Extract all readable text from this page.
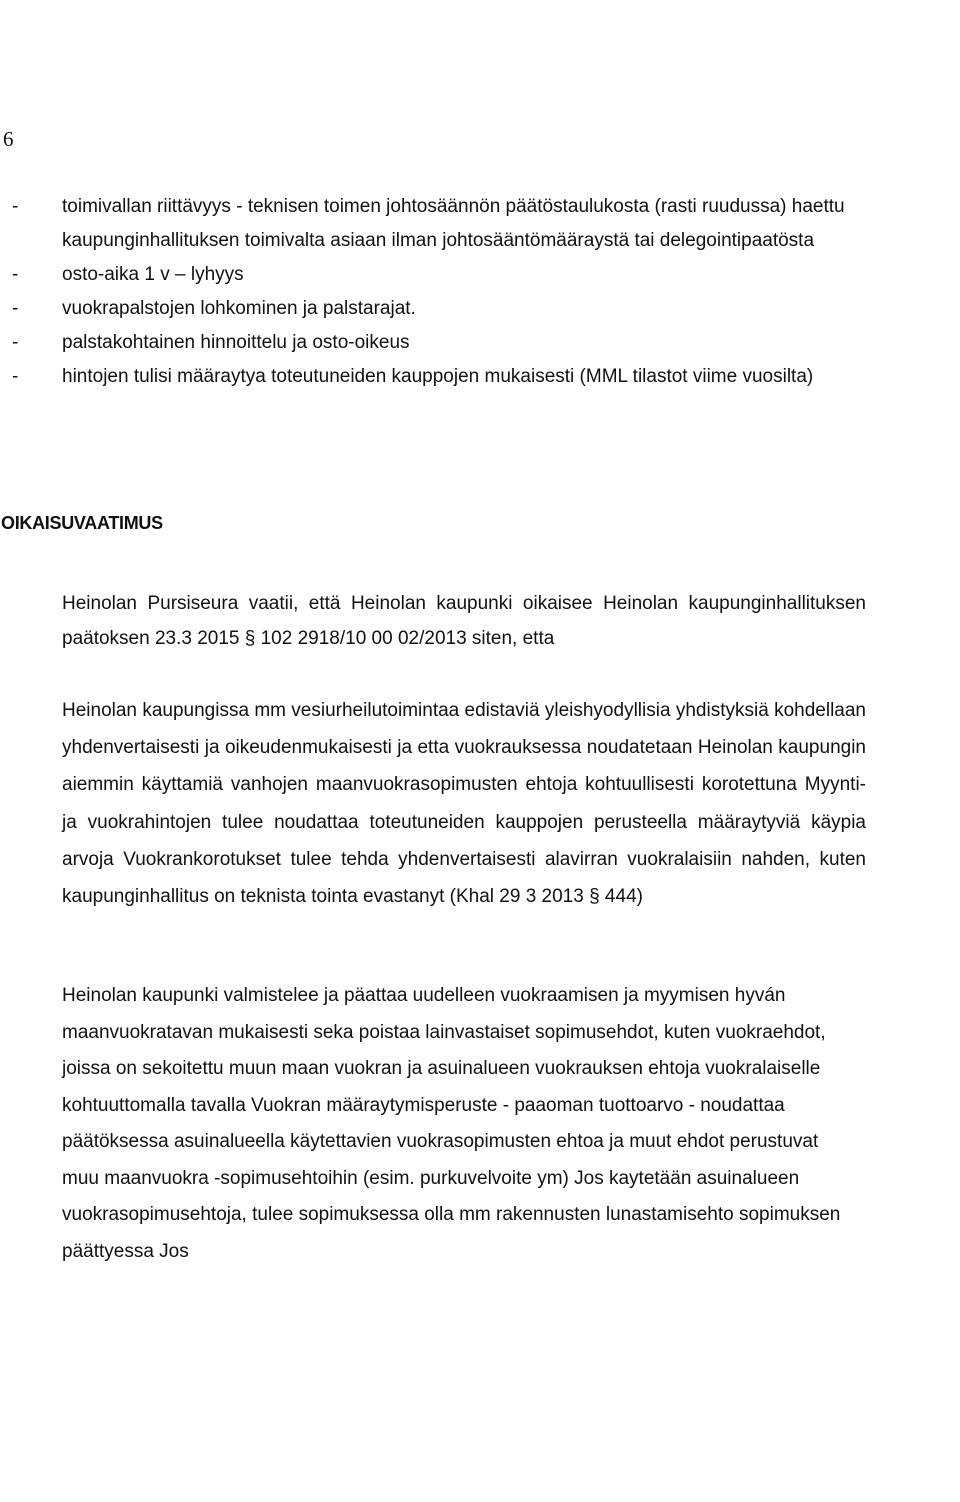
6
- toimivallan riittävyys - teknisen toimen johtosäännön päätöstaulukosta (rasti ruudussa) haettu kaupunginhallituksen toimivalta asiaan ilman johtosääntömääraystä tai delegointipaatösta
- osto-aika 1 v – lyhyys
- vuokrapalstojen lohkominen ja palstarajat.
- palstakohtainen hinnoittelu ja osto-oikeus
- hintojen tulisi määraytya toteutuneiden kauppojen mukaisesti (MML tilastot viime vuosilta)
OIKAISUVAATIMUS

Heinolan Pursiseura vaatii, että Heinolan kaupunki oikaisee Heinolan kaupunginhallituksen paätoksen 23.3 2015 § 102 2918/10 00 02/2013 siten, etta

Heinolan kaupungissa mm vesiurheilutoimintaa edistaviä yleishyodyllisia yhdistyksiä kohdellaan yhdenvertaisesti ja oikeudenmukaisesti ja etta vuokrauksessa noudatetaan Heinolan kaupungin aiemmin käyttamiä vanhojen maanvuokrasopimusten ehtoja kohtuullisesti korotettuna Myynti- ja vuokrahintojen tulee noudattaa toteutuneiden kauppojen perusteella määraytyviä käypia arvoja Vuokrankorotukset tulee tehda yhdenvertaisesti alavirran vuokralaisiin nahden, kuten kaupunginhallitus on teknista tointa evastanyt (Khal 29 3 2013 § 444)

Heinolan kaupunki valmistelee ja päattaa uudelleen vuokraamisen ja myymisen hyván maanvuokratavan mukaisesti seka poistaa lainvastaiset sopimusehdot, kuten vuokraehdot, joissa on sekoitettu muun maan vuokran ja asuinalueen vuokrauksen ehtoja vuokralaiselle kohtuuttomalla tavalla Vuokran määraytymisperuste - paaoman tuottoarvo - noudattaa päätöksessa asuinalueella käytettavien vuokrasopimusten ehtoa ja muut ehdot perustuvat muu maanvuokra -sopimusehtoihin (esim. purkuvelvoite ym) Jos kaytetään asuinalueen vuokrasopimusehtoja, tulee sopimuksessa olla mm rakennusten lunastamisehto sopimuksen päättyessa Jos
